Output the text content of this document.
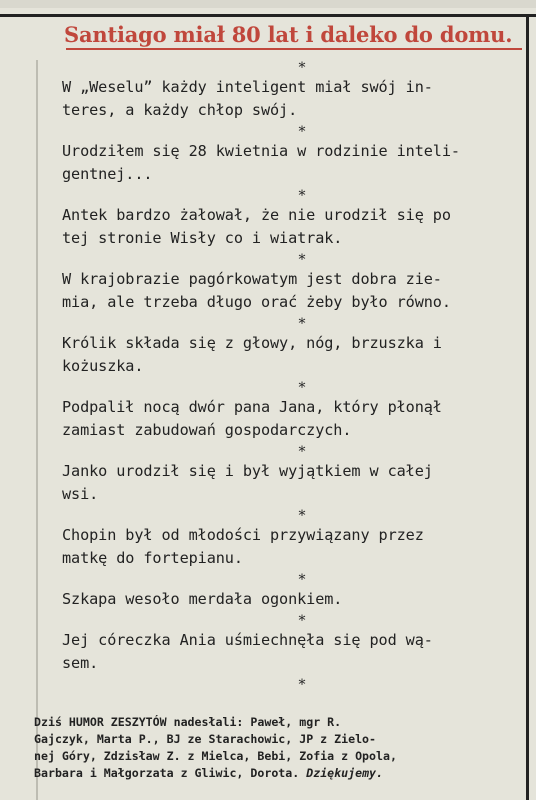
Santiago miał 80 lat i daleko do domu.
*
W „Weselu” każdy inteligent miał swój in-
teres, a każdy chłop swój.
*
Urodziłem się 28 kwietnia w rodzinie inteli-
gentnej...
*
Antek bardzo żałował, że nie urodził się po
tej stronie Wisły co i wiatrak.
*
W krajobrazie pagórkowatym jest dobra zie-
mia, ale trzeba długo orać żeby było równo.
*
Królik składa się z głowy, nóg, brzuszka i
kożuszka.
*
Podpalił nocą dwór pana Jana, który płonął
zamiast zabudowań gospodarczych.
*
Janko urodził się i był wyjątkiem w całej
wsi.
*
Chopin był od młodości przywiązany przez
matkę do fortepianu.
*
Szkapa wesoło merdała ogonkiem.
*
Jej córeczka Ania uśmiechnęła się pod wą-
sem.
*
Dziś HUMOR ZESZYTÓW nadesłali: Paweł, mgr R.
Gajczyk, Marta P., BJ ze Starachowic, JP z Zielo-
nej Góry, Zdzisław Z. z Mielca, Bebi, Zofia z Opola,
Barbara i Małgorzata z Gliwic, Dorota. Dziękujemy.
